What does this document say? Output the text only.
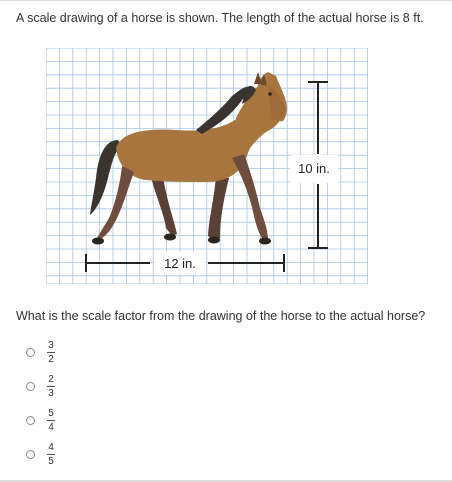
A scale drawing of a horse is shown. The length of the actual horse is 8 ft.
10 in.
12 in.
What is the scale factor from the drawing of the horse to the actual horse?
$\frac{3}{2}$
$\frac{2}{3}$
$\frac{5}{4}$
$\frac{4}{5}$
